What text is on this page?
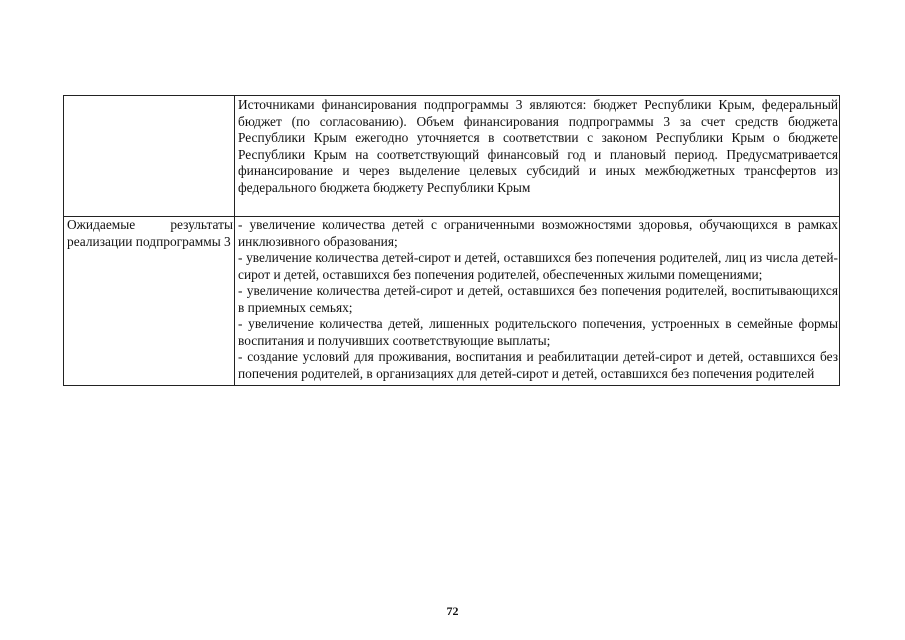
	Источниками финансирования подпрограммы 3 являются: бюджет Республики Крым, федеральный бюджет (по согласованию). Объем финансирования подпрограммы 3 за счет средств бюджета Республики Крым ежегодно уточняется в соответствии с законом Республики Крым о бюджете Республики Крым на соответствующий финансовый год и плановый период. Предусматривается финансирование и через выделение целевых субсидий и иных межбюджетных трансфертов из федерального бюджета бюджету Республики Крым

Ожидаемые результаты реализации подпрограммы 3	- увеличение количества детей с ограниченными возможностями здоровья, обучающихся в рамках инклюзивного образования;
- увеличение количества детей-сирот и детей, оставшихся без попечения родителей, лиц из числа детей-сирот и детей, оставшихся без попечения родителей, обеспеченных жилыми помещениями;
- увеличение количества детей-сирот и детей, оставшихся без попечения родителей, воспитывающихся в приемных семьях;
- увеличение количества детей, лишенных родительского попечения, устроенных в семейные формы воспитания и получивших соответствующие выплаты;
- создание условий для проживания, воспитания и реабилитации детей-сирот и детей, оставшихся без попечения родителей, в организациях для детей-сирот и детей, оставшихся без попечения родителей
72
